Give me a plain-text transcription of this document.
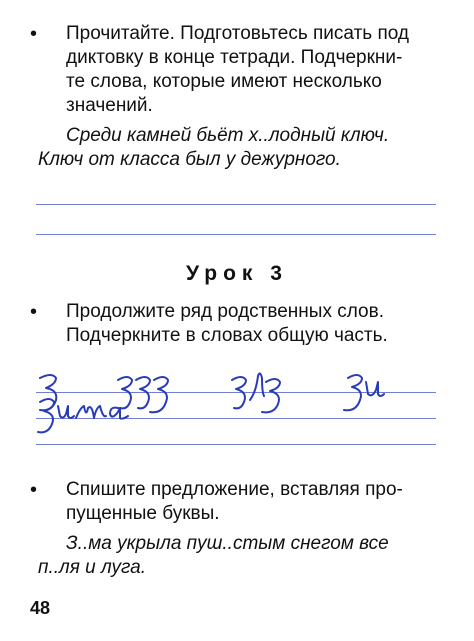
• Прочитайте. Подготовьтесь писать под
диктовку в конце тетради. Подчеркни-
те слова, которые имеют несколько
значений.
Среди камней бьёт х..лодный ключ.
Ключ от класса был у дежурного.
Урок 3
• Продолжите ряд родственных слов.
Подчеркните в словах общую часть.
• Спишите предложение, вставляя про-
пущенные буквы.
З..ма укрыла пуш..стым снегом все
п..ля и луга.
48
